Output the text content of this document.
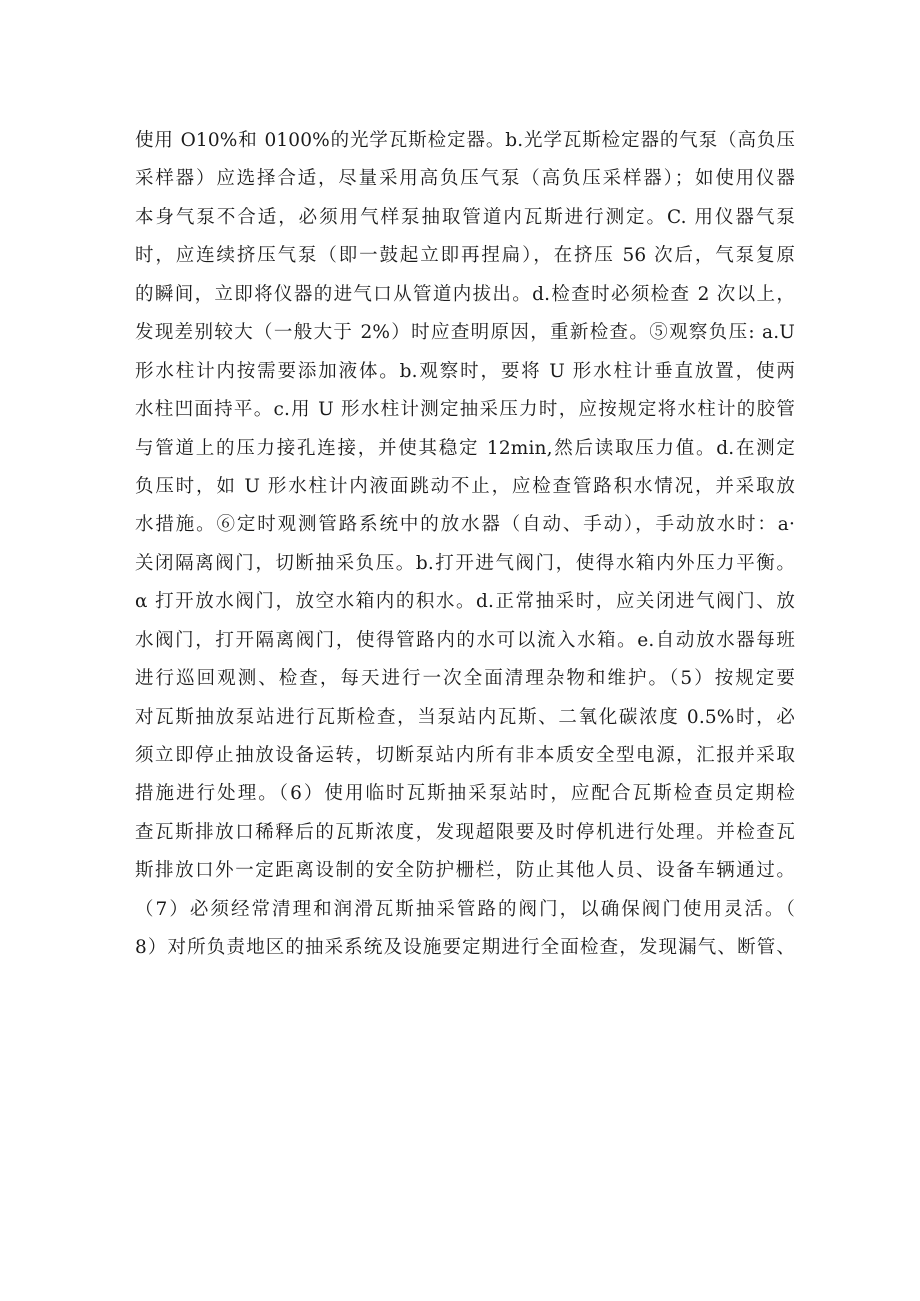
使用 O10%和 0100%的光学瓦斯检定器。b.光学瓦斯检定器的气泵（高负压
采样器）应选择合适，尽量采用高负压气泵（高负压采样器）；如使用仪器
本身气泵不合适，必须用气样泵抽取管道内瓦斯进行测定。C. 用仪器气泵
时，应连续挤压气泵（即一鼓起立即再捏扁），在挤压 56 次后，气泵复原
的瞬间，立即将仪器的进气口从管道内拔出。d.检查时必须检查 2 次以上，
发现差别较大（一般大于 2%）时应查明原因，重新检查。⑤观察负压: a.U
形水柱计内按需要添加液体。b.观察时，要将 U 形水柱计垂直放置，使两
水柱凹面持平。c.用 U 形水柱计测定抽采压力时，应按规定将水柱计的胶管
与管道上的压力接孔连接，并使其稳定 12min,然后读取压力值。d.在测定
负压时，如 U 形水柱计内液面跳动不止，应检查管路积水情况，并采取放
水措施。⑥定时观测管路系统中的放水器（自动、手动），手动放水时：a·
关闭隔离阀门，切断抽采负压。b.打开进气阀门，使得水箱内外压力平衡。
α 打开放水阀门，放空水箱内的积水。d.正常抽采时，应关闭进气阀门、放
水阀门，打开隔离阀门，使得管路内的水可以流入水箱。e.自动放水器每班
进行巡回观测、检查，每天进行一次全面清理杂物和维护。（5）按规定要
对瓦斯抽放泵站进行瓦斯检查，当泵站内瓦斯、二氧化碳浓度 0.5%时，必
须立即停止抽放设备运转，切断泵站内所有非本质安全型电源，汇报并采取
措施进行处理。（6）使用临时瓦斯抽采泵站时，应配合瓦斯检查员定期检
查瓦斯排放口稀释后的瓦斯浓度，发现超限要及时停机进行处理。并检查瓦
斯排放口外一定距离设制的安全防护栅栏，防止其他人员、设备车辆通过。
（7）必须经常清理和润滑瓦斯抽采管路的阀门，以确保阀门使用灵活。（
8）对所负责地区的抽采系统及设施要定期进行全面检查，发现漏气、断管、
